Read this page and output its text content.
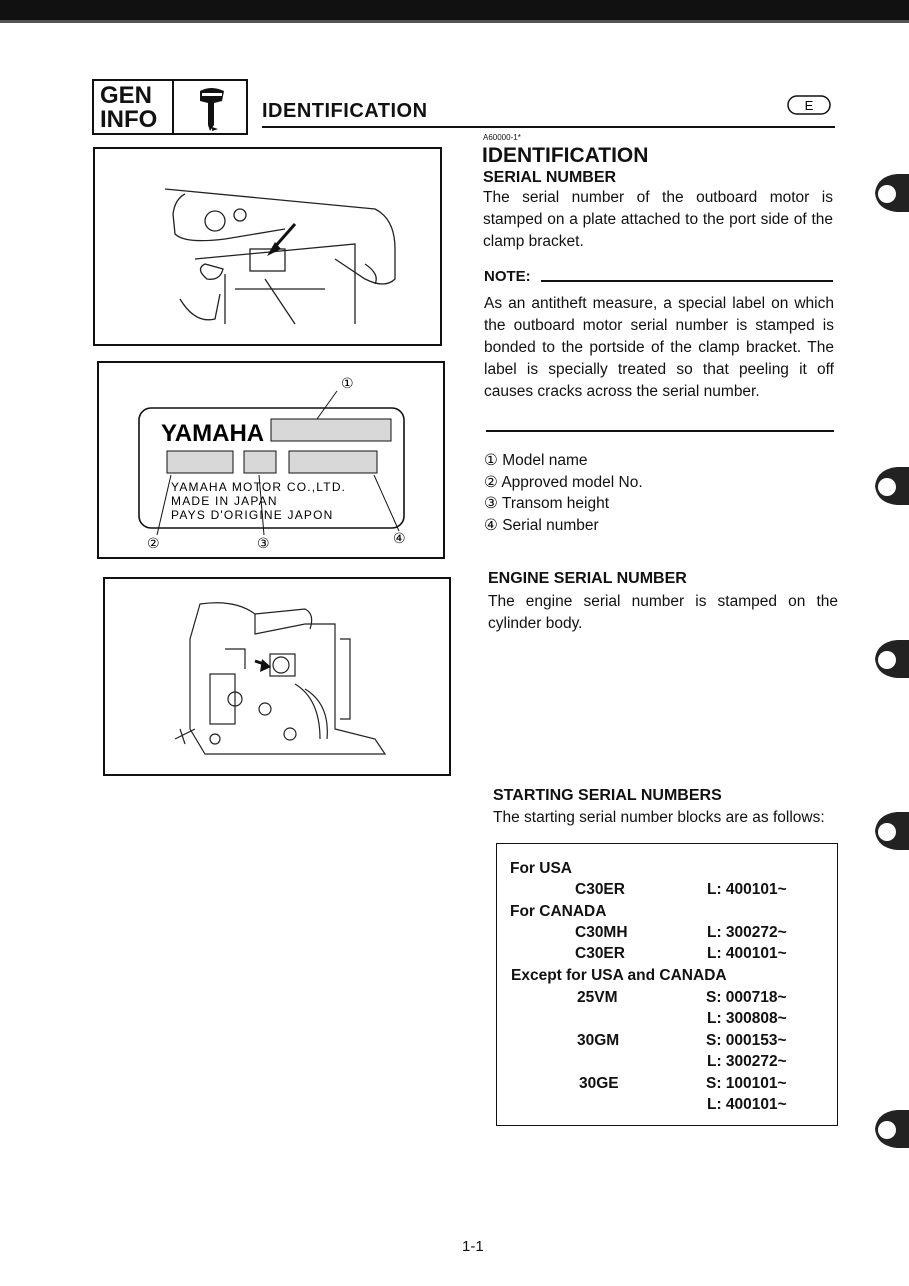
GEN
INFO	IDENTIFICATION	E
YAMAHA
YAMAHA MOTOR CO.,LTD.
MADE IN JAPAN
PAYS D'ORIGINE JAPON
①
②	③	④
A60000-1*
IDENTIFICATION
SERIAL NUMBER
The serial number of the outboard motor is stamped on a plate attached to the port side of the clamp bracket.
NOTE:
As an antitheft measure, a special label on which the outboard motor serial number is stamped is bonded to the portside of the clamp bracket. The label is specially treated so that peeling it off causes cracks across the serial number.
① Model name
② Approved model No.
③ Transom height
④ Serial number
ENGINE SERIAL NUMBER
The engine serial number is stamped on the cylinder body.
STARTING SERIAL NUMBERS
The starting serial number blocks are as follows:
For USA
C30ER	L: 400101~
For CANADA
C30MH	L: 300272~
C30ER	L: 400101~
Except for USA and CANADA
25VM	S: 000718~
L: 300808~
30GM	S: 000153~
L: 300272~
30GE	S: 100101~
L: 400101~
1-1
